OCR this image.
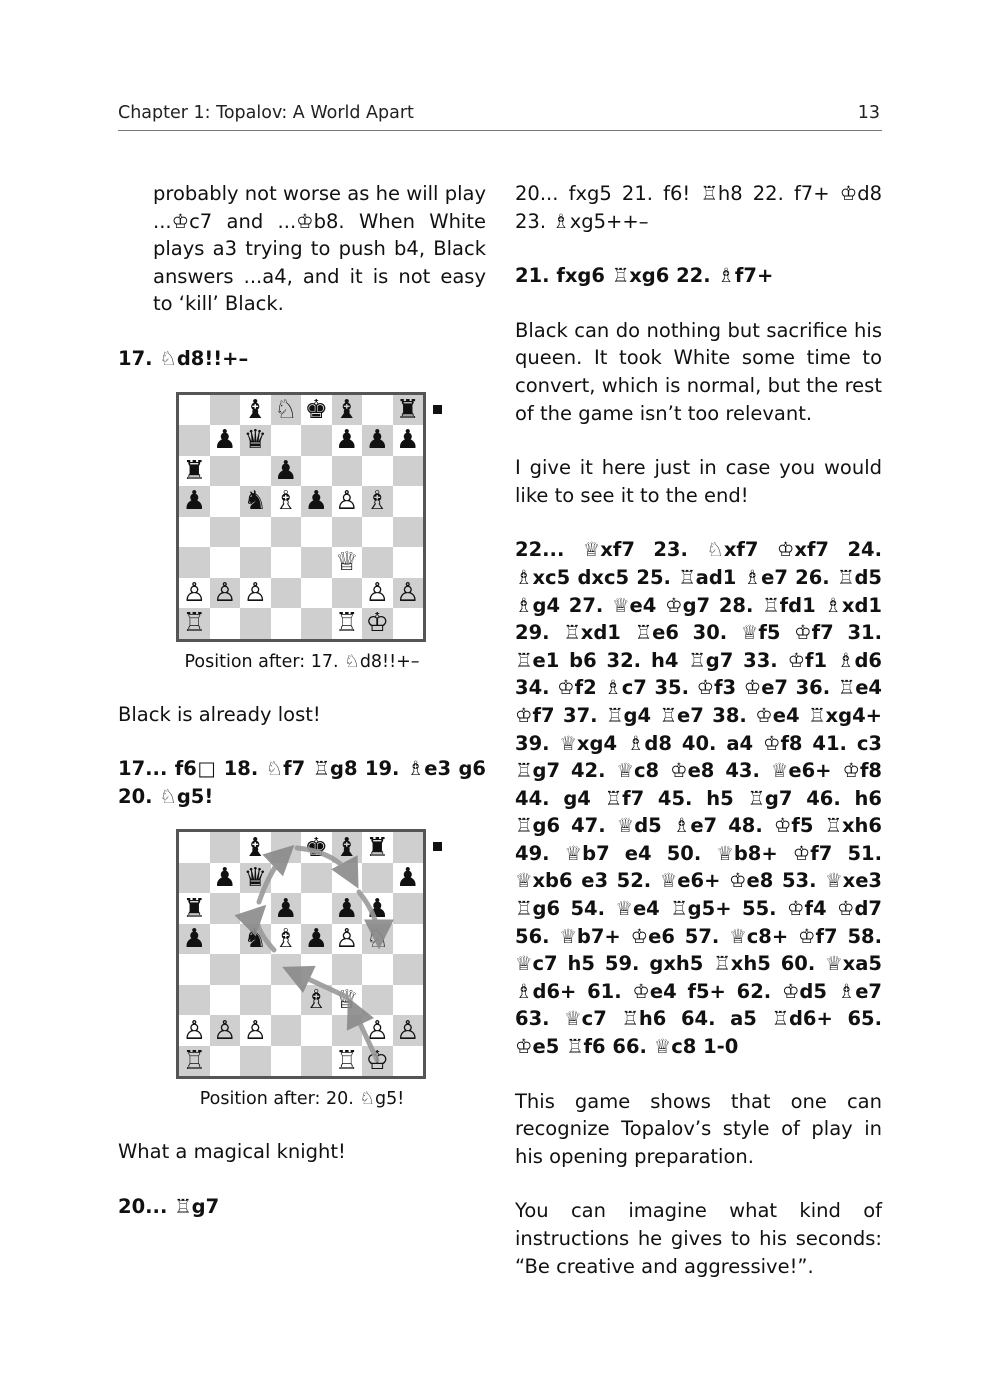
Chapter 1: Topalov: A World Apart	13

probably not worse as he will play ...♔c7 and ...♔b8. When White plays a3 trying to push b4, Black answers ...a4, and it is not easy to ‘kill’ Black.

17. ♘d8!!+–

♝ ♘ ♚ ♝ ♜
♟ ♛	♟ ♟ ♟
♜	♟
♟ ♞ ♗ ♟ ♙ ♗
♕
♙ ♙ ♙	♙ ♙
♖	♖ ♔
Position after: 17. ♘d8!!+–

Black is already lost!

17... f6□ 18. ♘f7 ♖g8 19. ♗e3 g6 20. ♘g5!

♝ ♚ ♝ ♜
♟ ♛	♟
♜	♟ ♟ ♟
♟ ♞ ♗ ♟ ♙ ♘
♗ ♕
♙ ♙ ♙	♙ ♙
♖	♖ ♔
Position after: 20. ♘g5!

What a magical knight!

20... ♖g7

20... fxg5 21. f6! ♖h8 22. f7+ ♔d8 23. ♗xg5++–

21. fxg6 ♖xg6 22. ♗f7+

Black can do nothing but sacrifice his queen. It took White some time to convert, which is normal, but the rest of the game isn’t too relevant.

I give it here just in case you would like to see it to the end!

22... ♕xf7 23. ♘xf7 ♔xf7 24. ♗xc5 dxc5 25. ♖ad1 ♗e7 26. ♖d5 ♗g4 27. ♕e4 ♔g7 28. ♖fd1 ♗xd1 29. ♖xd1 ♖e6 30. ♕f5 ♔f7 31. ♖e1 b6 32. h4 ♖g7 33. ♔f1 ♗d6 34. ♔f2 ♗c7 35. ♔f3 ♔e7 36. ♖e4 ♔f7 37. ♖g4 ♖e7 38. ♔e4 ♖xg4+ 39. ♕xg4 ♗d8 40. a4 ♔f8 41. c3 ♖g7 42. ♕c8 ♔e8 43. ♕e6+ ♔f8 44. g4 ♖f7 45. h5 ♖g7 46. h6 ♖g6 47. ♕d5 ♗e7 48. ♔f5 ♖xh6 49. ♕b7 e4 50. ♕b8+ ♔f7 51. ♕xb6 e3 52. ♕e6+ ♔e8 53. ♕xe3 ♖g6 54. ♕e4 ♖g5+ 55. ♔f4 ♔d7 56. ♕b7+ ♔e6 57. ♕c8+ ♔f7 58. ♕c7 h5 59. gxh5 ♖xh5 60. ♕xa5 ♗d6+ 61. ♔e4 f5+ 62. ♔d5 ♗e7 63. ♕c7 ♖h6 64. a5 ♖d6+ 65. ♔e5 ♖f6 66. ♕c8 1-0

This game shows that one can recognize Topalov’s style of play in his opening preparation.

You can imagine what kind of instructions he gives to his seconds: “Be creative and aggressive!”.
